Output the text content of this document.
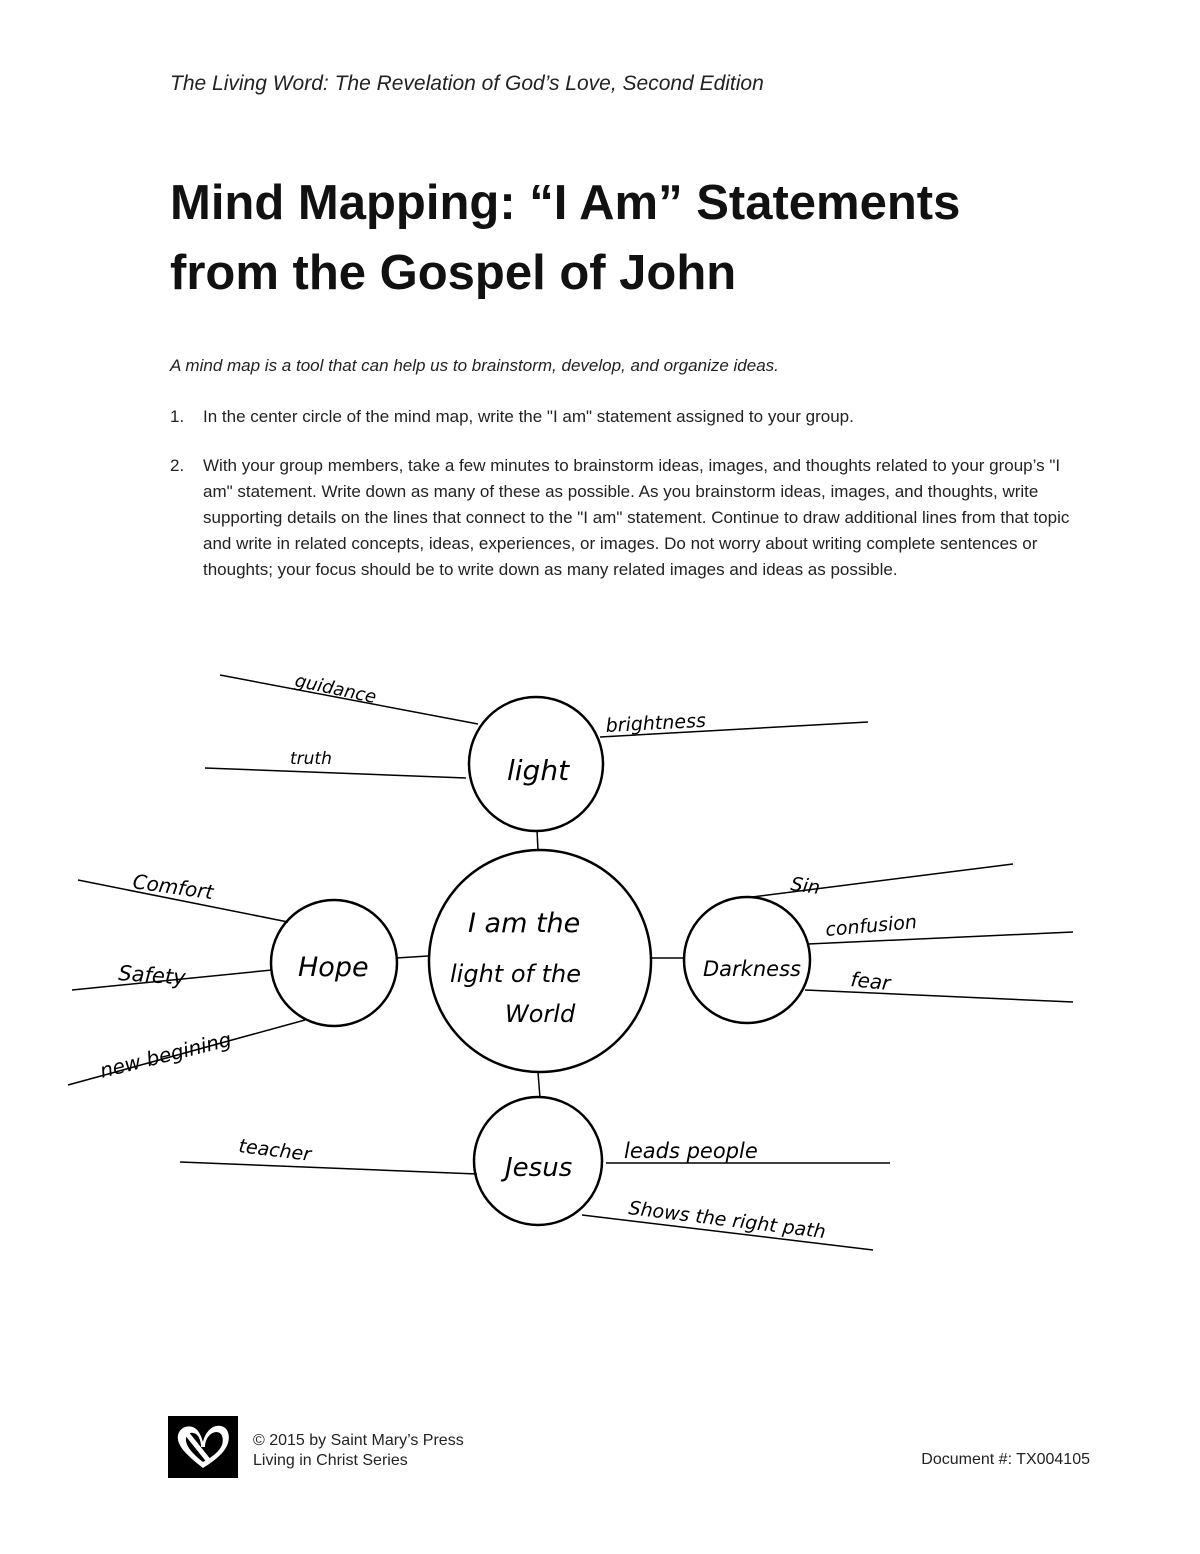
The Living Word: The Revelation of God’s Love, Second Edition
Mind Mapping: “I Am” Statements
from the Gospel of John
A mind map is a tool that can help us to brainstorm, develop, and organize ideas.
1. In the center circle of the mind map, write the "I am" statement assigned to your group.
2. With your group members, take a few minutes to brainstorm ideas, images, and thoughts related to your group’s "I am" statement. Write down as many of these as possible. As you brainstorm ideas, images, and thoughts, write supporting details on the lines that connect to the "I am" statement. Continue to draw additional lines from that topic and write in related concepts, ideas, experiences, or images. Do not worry about writing complete sentences or thoughts; your focus should be to write down as many related images and ideas as possible.
I am the
light of the
World
light
Hope	Darkness
Jesus
guidance
truth
brightness
Comfort
Safety
new begining
Sin
confusion
fear
teacher	leads people
Shows the right path
© 2015 by Saint Mary’s Press
Living in Christ Series	Document #: TX004105
